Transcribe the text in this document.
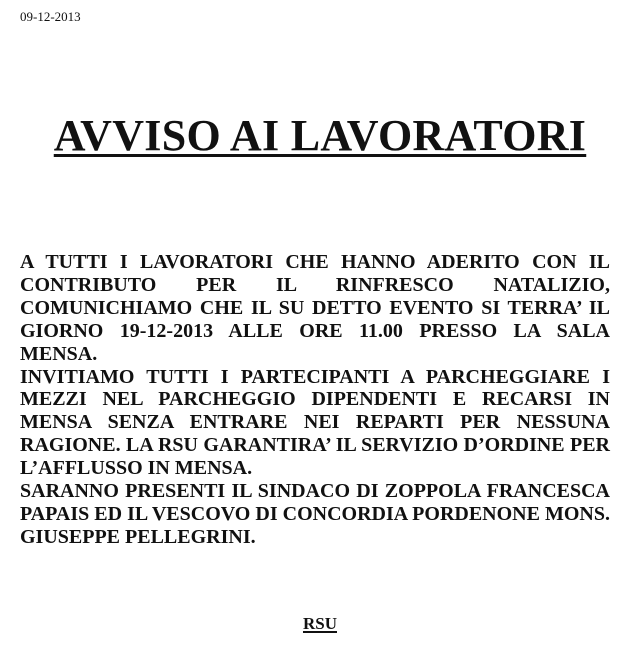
09-12-2013
AVVISO AI LAVORATORI
A TUTTI I LAVORATORI CHE HANNO ADERITO CON IL CONTRIBUTO PER IL RINFRESCO NATALIZIO, COMUNICHIAMO CHE IL SU DETTO EVENTO SI TERRA’ IL GIORNO 19-12-2013 ALLE ORE 11.00 PRESSO LA SALA MENSA.
INVITIAMO TUTTI I PARTECIPANTI A PARCHEGGIARE I MEZZI NEL PARCHEGGIO DIPENDENTI E RECARSI IN MENSA SENZA ENTRARE NEI REPARTI PER NESSUNA RAGIONE. LA RSU GARANTIRA’ IL SERVIZIO D’ORDINE PER L’AFFLUSSO IN MENSA.
SARANNO PRESENTI IL SINDACO DI ZOPPOLA FRANCESCA PAPAIS ED IL VESCOVO DI CONCORDIA PORDENONE MONS. GIUSEPPE PELLEGRINI.
RSU
